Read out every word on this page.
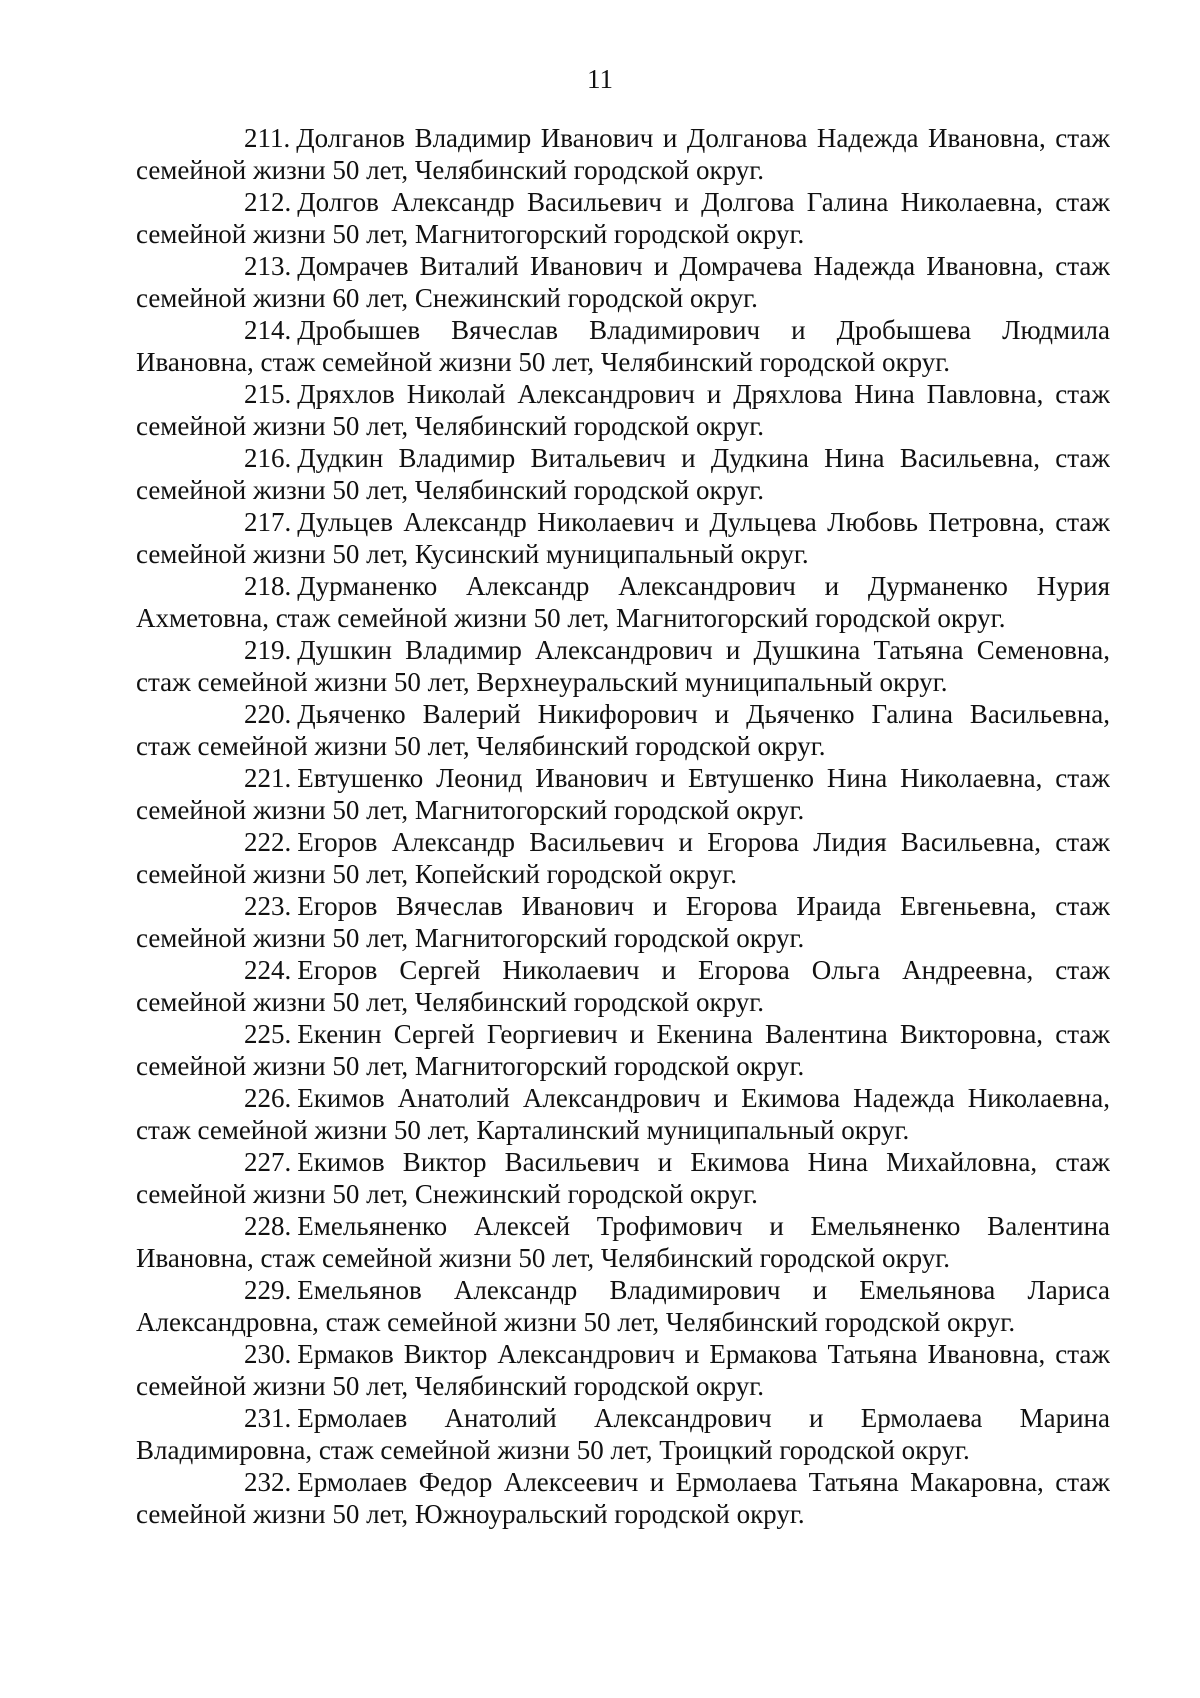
11
211. Долганов Владимир Иванович и Долганова Надежда Ивановна, стаж семейной жизни 50 лет, Челябинский городской округ.
212. Долгов Александр Васильевич и Долгова Галина Николаевна, стаж семейной жизни 50 лет, Магнитогорский городской округ.
213. Домрачев Виталий Иванович и Домрачева Надежда Ивановна, стаж семейной жизни 60 лет, Снежинский городской округ.
214. Дробышев Вячеслав Владимирович и Дробышева Людмила Ивановна, стаж семейной жизни 50 лет, Челябинский городской округ.
215. Дряхлов Николай Александрович и Дряхлова Нина Павловна, стаж семейной жизни 50 лет, Челябинский городской округ.
216. Дудкин Владимир Витальевич и Дудкина Нина Васильевна, стаж семейной жизни 50 лет, Челябинский городской округ.
217. Дульцев Александр Николаевич и Дульцева Любовь Петровна, стаж семейной жизни 50 лет, Кусинский муниципальный округ.
218. Дурманенко Александр Александрович и Дурманенко Нурия Ахметовна, стаж семейной жизни 50 лет, Магнитогорский городской округ.
219. Душкин Владимир Александрович и Душкина Татьяна Семеновна, стаж семейной жизни 50 лет, Верхнеуральский муниципальный округ.
220. Дьяченко Валерий Никифорович и Дьяченко Галина Васильевна, стаж семейной жизни 50 лет, Челябинский городской округ.
221. Евтушенко Леонид Иванович и Евтушенко Нина Николаевна, стаж семейной жизни 50 лет, Магнитогорский городской округ.
222. Егоров Александр Васильевич и Егорова Лидия Васильевна, стаж семейной жизни 50 лет, Копейский городской округ.
223. Егоров Вячеслав Иванович и Егорова Ираида Евгеньевна, стаж семейной жизни 50 лет, Магнитогорский городской округ.
224. Егоров Сергей Николаевич и Егорова Ольга Андреевна, стаж семейной жизни 50 лет, Челябинский городской округ.
225. Екенин Сергей Георгиевич и Екенина Валентина Викторовна, стаж семейной жизни 50 лет, Магнитогорский городской округ.
226. Екимов Анатолий Александрович и Екимова Надежда Николаевна, стаж семейной жизни 50 лет, Карталинский муниципальный округ.
227. Екимов Виктор Васильевич и Екимова Нина Михайловна, стаж семейной жизни 50 лет, Снежинский городской округ.
228. Емельяненко Алексей Трофимович и Емельяненко Валентина Ивановна, стаж семейной жизни 50 лет, Челябинский городской округ.
229. Емельянов Александр Владимирович и Емельянова Лариса Александровна, стаж семейной жизни 50 лет, Челябинский городской округ.
230. Ермаков Виктор Александрович и Ермакова Татьяна Ивановна, стаж семейной жизни 50 лет, Челябинский городской округ.
231. Ермолаев Анатолий Александрович и Ермолаева Марина Владимировна, стаж семейной жизни 50 лет, Троицкий городской округ.
232. Ермолаев Федор Алексеевич и Ермолаева Татьяна Макаровна, стаж семейной жизни 50 лет, Южноуральский городской округ.
